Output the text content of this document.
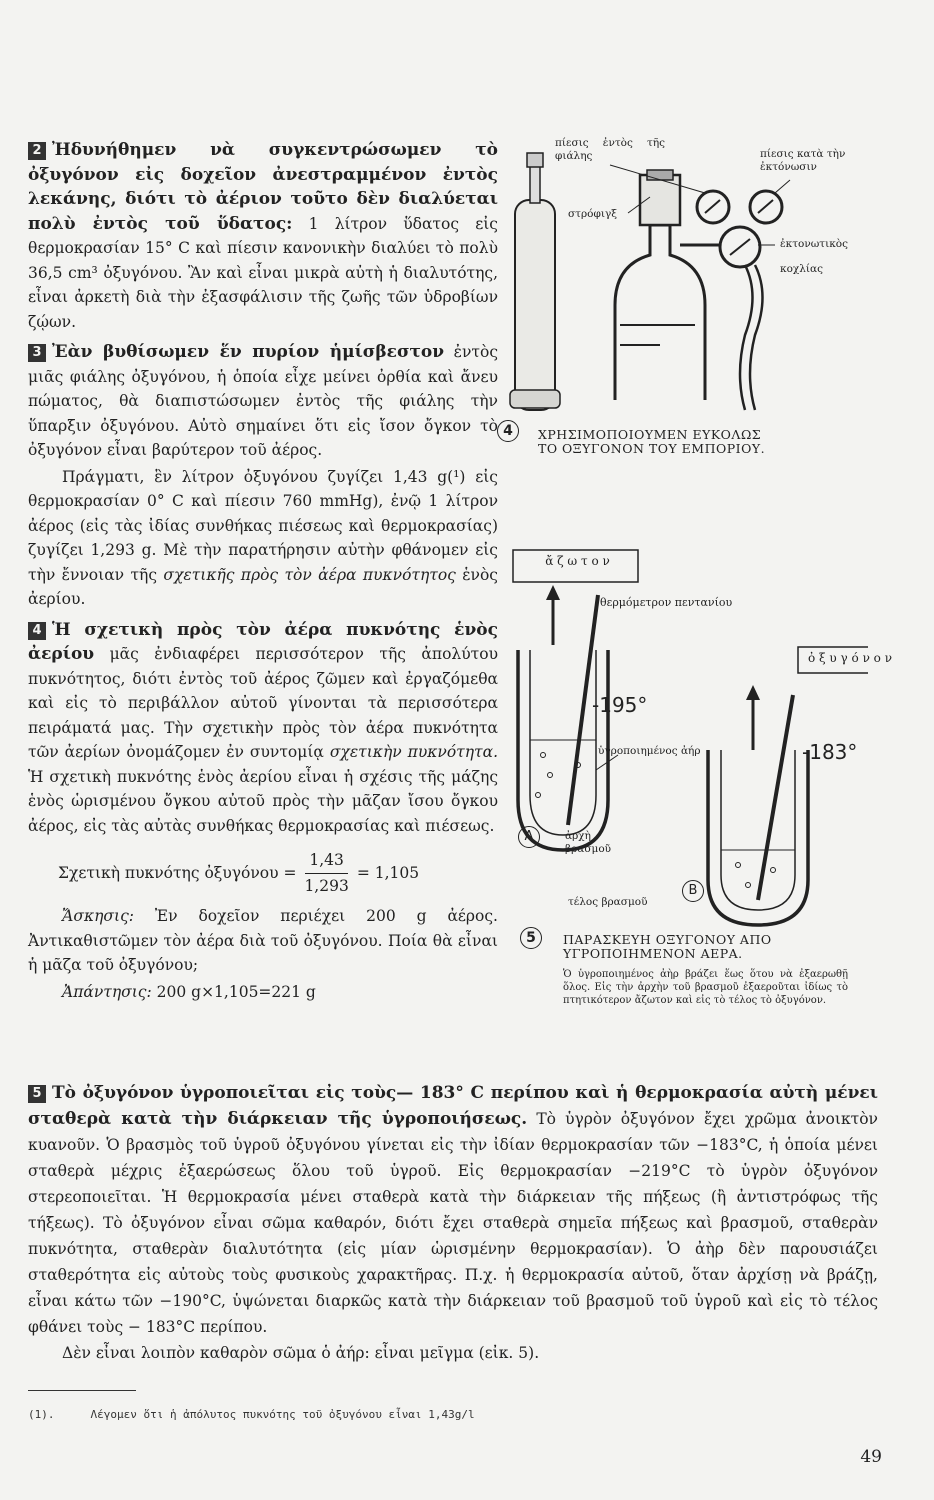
2 Ἠδυνήθημεν νὰ συγκεντρώσωμεν τὸ ὀξυγόνον εἰς δοχεῖον ἀνεστραμμένον ἐντὸς λεκάνης, διότι τὸ ἀέριον τοῦτο δὲν διαλύεται πολὺ ἐντὸς τοῦ ὕδατος: 1 λίτρον ὕδατος εἰς θερμοκρασίαν 15° C καὶ πίεσιν κανονικὴν διαλύει τὸ πολὺ 36,5 cm³ ὀξυγόνου. Ἂν καὶ εἶναι μικρὰ αὐτὴ ἡ διαλυτότης, εἶναι ἀρκετὴ διὰ τὴν ἐξασφάλισιν τῆς ζωῆς τῶν ὑδροβίων ζῴων.

3 Ἐὰν βυθίσωμεν ἕν πυρίον ἡμίσβεστον ἐντὸς μιᾶς φιάλης ὀξυγόνου, ἡ ὁποία εἶχε μείνει ὀρθία καὶ ἄνευ πώματος, θὰ διαπιστώσωμεν ἐντὸς τῆς φιάλης τὴν ὕπαρξιν ὀξυγόνου. Αὐτὸ σημαίνει ὅτι εἰς ἴσον ὄγκον τὸ ὀξυγόνον εἶναι βαρύτερον τοῦ ἀέρος.

Πράγματι, ἓν λίτρον ὀξυγόνου ζυγίζει 1,43 g(¹) εἰς θερμοκρασίαν 0° C καὶ πίεσιν 760 mmHg), ἐνῷ 1 λίτρον ἀέρος (εἰς τὰς ἰδίας συνθήκας πιέσεως καὶ θερμοκρασίας) ζυγίζει 1,293 g. Μὲ τὴν παρατήρησιν αὐτὴν φθάνομεν εἰς τὴν ἔννοιαν τῆς σχετικῆς πρὸς τὸν ἀέρα πυκνότητος ἑνὸς ἀερίου.

4 Ἡ σχετικὴ πρὸς τὸν ἀέρα πυκνότης ἑνὸς ἀερίου μᾶς ἐνδιαφέρει περισσότερον τῆς ἀπολύτου πυκνότητος, διότι ἐντὸς τοῦ ἀέρος ζῶμεν καὶ ἐργαζόμεθα καὶ εἰς τὸ περιβάλλον αὐτοῦ γίνονται τὰ περισσότερα πειράματά μας. Τὴν σχετικὴν πρὸς τὸν ἀέρα πυκνότητα τῶν ἀερίων ὀνομάζομεν ἐν συντομίᾳ σχετικὴν πυκνότητα. Ἡ σχετικὴ πυκνότης ἑνὸς ἀερίου εἶναι ἡ σχέσις τῆς μάζης ἑνὸς ὡρισμένου ὄγκου αὐτοῦ πρὸς τὴν μᾶζαν ἴσου ὄγκου ἀέρος, εἰς τὰς αὐτὰς συνθήκας θερμοκρασίας καὶ πιέσεως.

Σχετικὴ πυκνότης ὀξυγόνου = $\frac{1,43}{1,293} = 1,105$

Ἄσκησις: Ἐν δοχεῖον περιέχει 200 g ἀέρος. Ἀντικαθιστῶμεν τὸν ἀέρα διὰ τοῦ ὀξυγόνου. Ποία θὰ εἶναι ἡ μᾶζα τοῦ ὀξυγόνου;

Ἀπάντησις: 200 g×1,105=221 g

πίεσις ἐντὸς τῆς φιάλης	πίεσις κατὰ τὴν ἐκτόνωσιν
στρόφιγξ
ἐκτονωτικὸς κοχλίας
4	ΧΡΗΣΙΜΟΠΟΙΟΥΜΕΝ ΕΥΚΟΛΩΣ
ΤΟ ΟΞΥΓΟΝΟΝ ΤΟΥ ΕΜΠΟΡΙΟΥ.
ἄ ζ ω τ ο ν
ὀ ξ υ γ ό ν ο ν
θερμόμετρον πεντανίου
-195°
-183°
ὑγροποιημένος ἀήρ
ἀρχὴ βρασμοῦ
τέλος βρασμοῦ
A
B
5	ΠΑΡΑΣΚΕΥΗ ΟΞΥΓΟΝΟΥ ΑΠΟ
ΥΓΡΟΠΟΙΗΜΕΝΟΝ ΑΕΡΑ.
Ὁ ὑγροποιημένος ἀὴρ βράζει ἕως ὅτου νὰ ἐξαερωθῇ ὅλος. Εἰς τὴν ἀρχὴν τοῦ βρασμοῦ ἐξαεροῦται ἰδίως τὸ πτητικότερον ἄζωτον καὶ εἰς τὸ τέλος τὸ ὀξυγόνον.

5 Τὸ ὀξυγόνον ὑγροποιεῖται εἰς τοὺς— 183° C περίπου καὶ ἡ θερμοκρασία αὐτὴ μένει σταθερὰ κατὰ τὴν διάρκειαν τῆς ὑγροποιήσεως. Τὸ ὑγρὸν ὀξυγόνον ἔχει χρῶμα ἀνοικτὸν κυανοῦν. Ὁ βρασμὸς τοῦ ὑγροῦ ὀξυγόνου γίνεται εἰς τὴν ἰδίαν θερμοκρασίαν τῶν −183°C, ἡ ὁποία μένει σταθερὰ μέχρις ἐξαερώσεως ὅλου τοῦ ὑγροῦ. Εἰς θερμοκρασίαν −219°C τὸ ὑγρὸν ὀξυγόνον στερεοποιεῖται. Ἡ θερμοκρασία μένει σταθερὰ κατὰ τὴν διάρκειαν τῆς πήξεως (ἢ ἀντιστρόφως τῆς τήξεως). Τὸ ὀξυγόνον εἶναι σῶμα καθαρόν, διότι ἔχει σταθερὰ σημεῖα πήξεως καὶ βρασμοῦ, σταθερὰν πυκνότητα, σταθερὰν διαλυτότητα (εἰς μίαν ὡρισμένην θερμοκρασίαν). Ὁ ἀὴρ δὲν παρουσιάζει σταθερότητα εἰς αὐτοὺς τοὺς φυσικοὺς χαρακτῆρας. Π.χ. ἡ θερμοκρασία αὐτοῦ, ὅταν ἀρχίσῃ νὰ βράζῃ, εἶναι κάτω τῶν −190°C, ὑψώνεται διαρκῶς κατὰ τὴν διάρκειαν τοῦ βρασμοῦ τοῦ ὑγροῦ καὶ εἰς τὸ τέλος φθάνει τοὺς − 183°C περίπου.

Δὲν εἶναι λοιπὸν καθαρὸν σῶμα ὁ ἀήρ: εἶναι μεῖγμα (εἰκ. 5).

(1).	Λέγομεν ὅτι ἡ ἀπόλυτος πυκνότης τοῦ ὀξυγόνου εἶναι 1,43g/l
49
